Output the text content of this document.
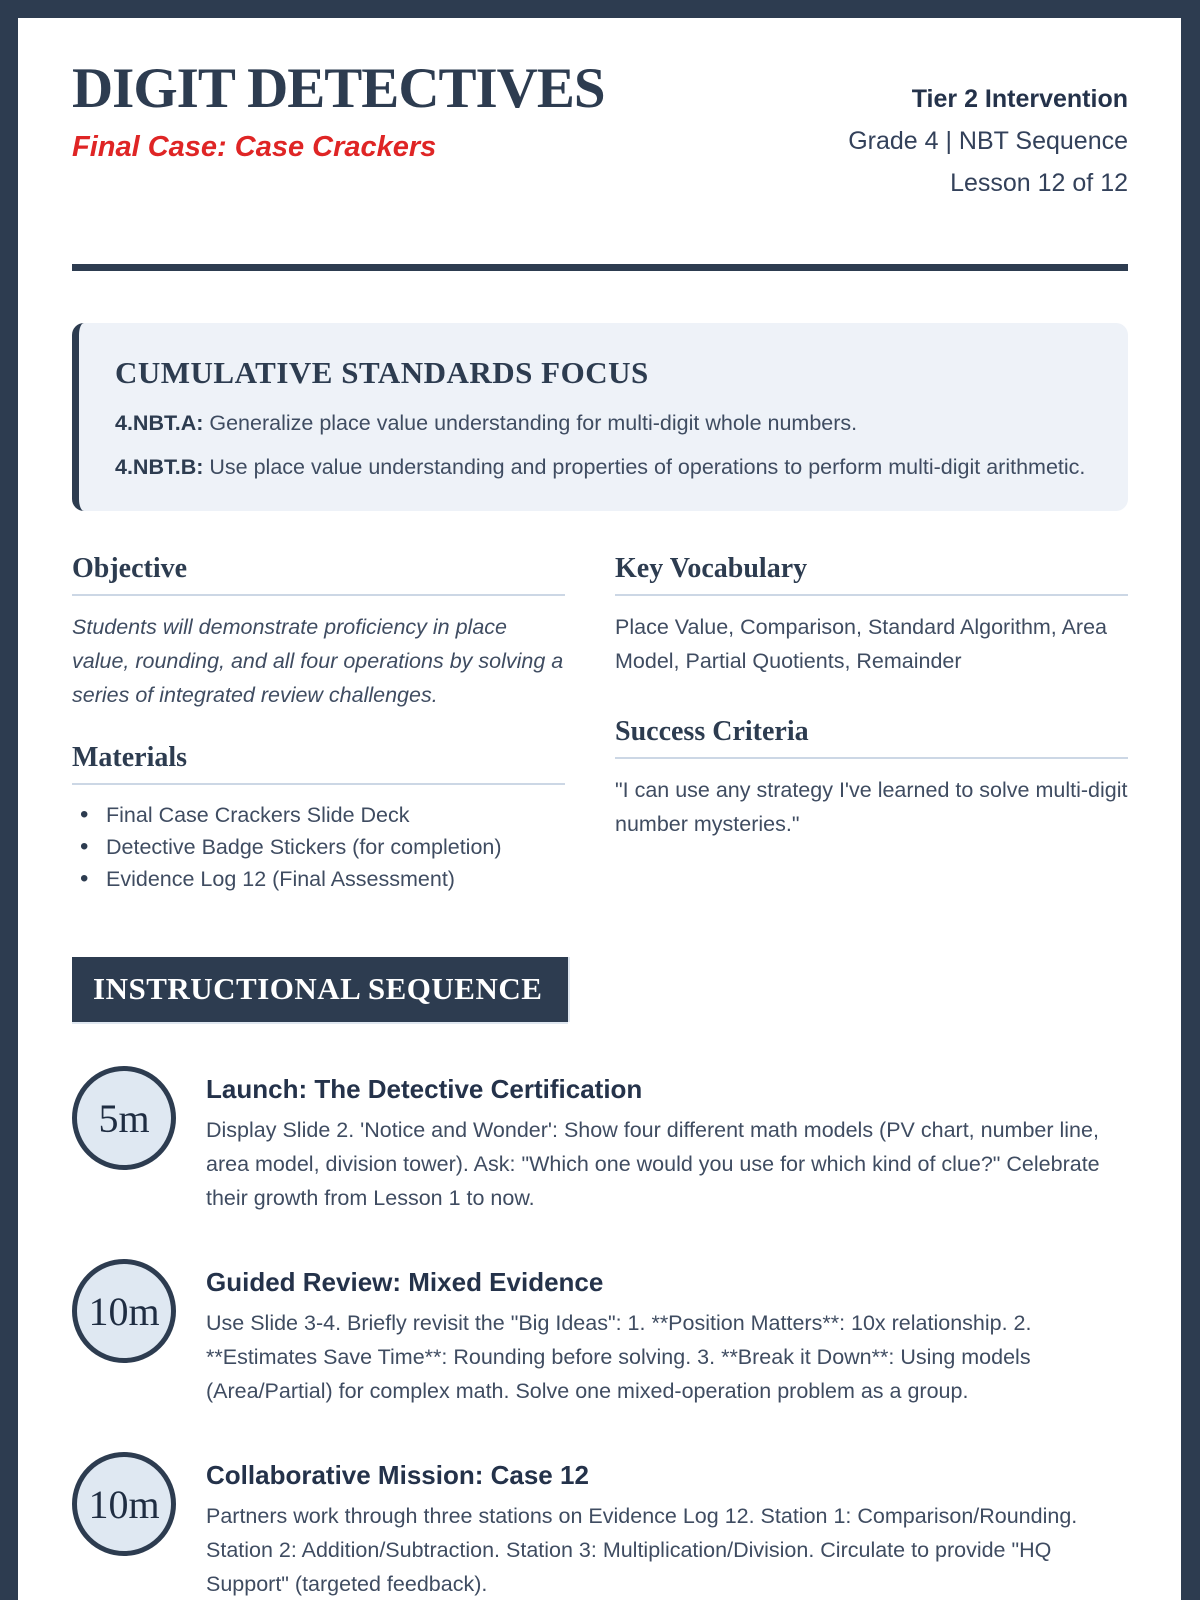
DIGIT DETECTIVES
Final Case: Case Crackers
Tier 2 Intervention
Grade 4 | NBT Sequence
Lesson 12 of 12
CUMULATIVE STANDARDS FOCUS

4.NBT.A: Generalize place value understanding for multi-digit whole numbers.

4.NBT.B: Use place value understanding and properties of operations to perform multi-digit arithmetic.

Objective

Students will demonstrate proficiency in place value, rounding, and all four operations by solving a series of integrated review challenges.

Materials
• Final Case Crackers Slide Deck
• Detective Badge Stickers (for completion)
• Evidence Log 12 (Final Assessment)
Key Vocabulary

Place Value, Comparison, Standard Algorithm, Area Model, Partial Quotients, Remainder

Success Criteria

"I can use any strategy I've learned to solve multi-digit number mysteries."

INSTRUCTIONAL SEQUENCE
5m
Launch: The Detective Certification
Display Slide 2. 'Notice and Wonder': Show four different math models (PV chart, number line, area model, division tower). Ask: "Which one would you use for which kind of clue?" Celebrate their growth from Lesson 1 to now.
10m
Guided Review: Mixed Evidence
Use Slide 3-4. Briefly revisit the "Big Ideas": 1. **Position Matters**: 10x relationship. 2. **Estimates Save Time**: Rounding before solving. 3. **Break it Down**: Using models (Area/Partial) for complex math. Solve one mixed-operation problem as a group.
10m
Collaborative Mission: Case 12
Partners work through three stations on Evidence Log 12. Station 1: Comparison/Rounding. Station 2: Addition/Subtraction. Station 3: Multiplication/Division. Circulate to provide "HQ Support" (targeted feedback).
